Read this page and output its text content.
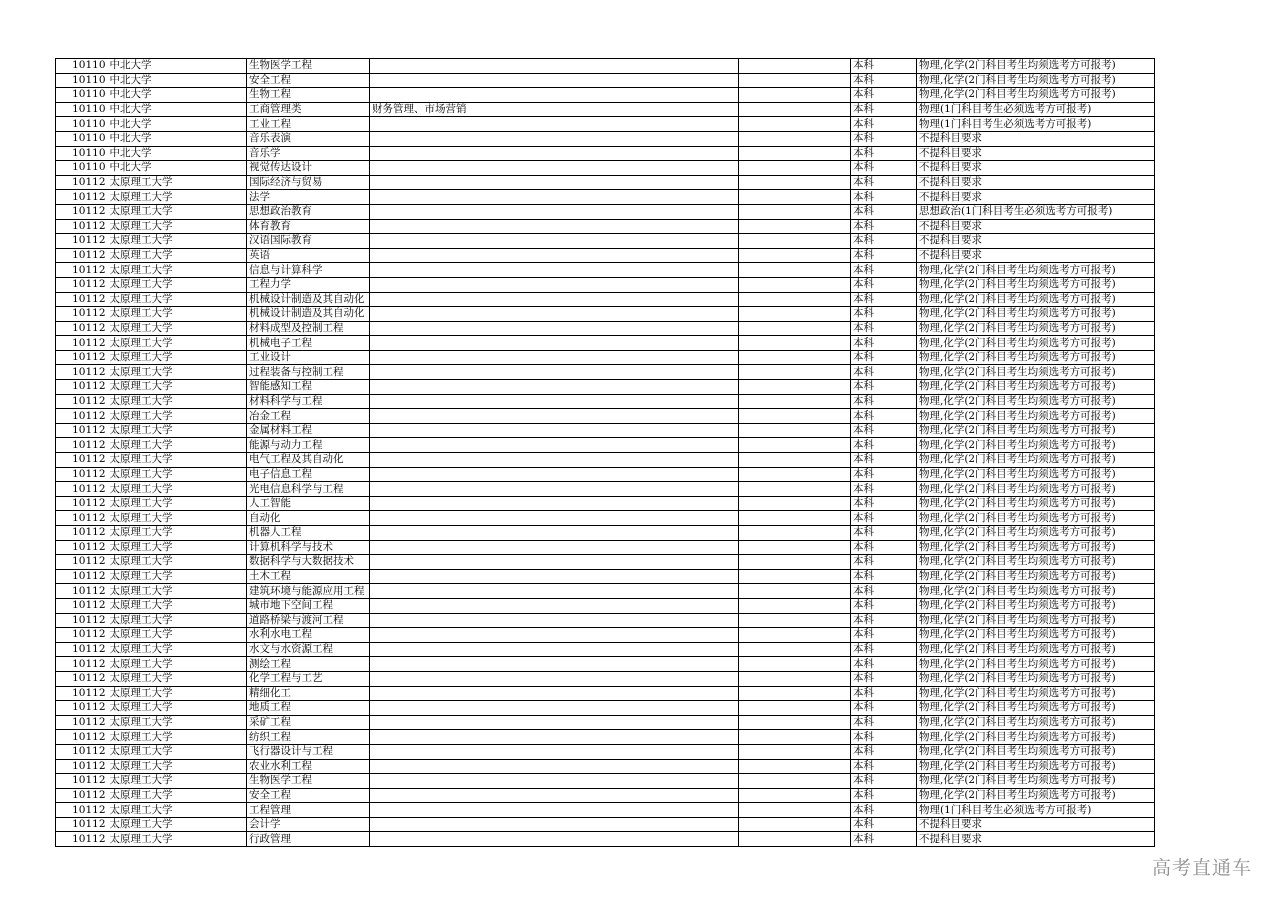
10110	中北大学	生物医学工程			本科	物理,化学(2门科目考生均须选考方可报考)
10110	中北大学	安全工程			本科	物理,化学(2门科目考生均须选考方可报考)
10110	中北大学	生物工程			本科	物理,化学(2门科目考生均须选考方可报考)
10110	中北大学	工商管理类	财务管理、市场营销		本科	物理(1门科目考生必须选考方可报考)
10110	中北大学	工业工程			本科	物理(1门科目考生必须选考方可报考)
10110	中北大学	音乐表演			本科	不提科目要求
10110	中北大学	音乐学			本科	不提科目要求
10110	中北大学	视觉传达设计			本科	不提科目要求
10112	太原理工大学	国际经济与贸易			本科	不提科目要求
10112	太原理工大学	法学			本科	不提科目要求
10112	太原理工大学	思想政治教育			本科	思想政治(1门科目考生必须选考方可报考)
10112	太原理工大学	体育教育			本科	不提科目要求
10112	太原理工大学	汉语国际教育			本科	不提科目要求
10112	太原理工大学	英语			本科	不提科目要求
10112	太原理工大学	信息与计算科学			本科	物理,化学(2门科目考生均须选考方可报考)
10112	太原理工大学	工程力学			本科	物理,化学(2门科目考生均须选考方可报考)
10112	太原理工大学	机械设计制造及其自动化			本科	物理,化学(2门科目考生均须选考方可报考)
10112	太原理工大学	机械设计制造及其自动化			本科	物理,化学(2门科目考生均须选考方可报考)
10112	太原理工大学	材料成型及控制工程			本科	物理,化学(2门科目考生均须选考方可报考)
10112	太原理工大学	机械电子工程			本科	物理,化学(2门科目考生均须选考方可报考)
10112	太原理工大学	工业设计			本科	物理,化学(2门科目考生均须选考方可报考)
10112	太原理工大学	过程装备与控制工程			本科	物理,化学(2门科目考生均须选考方可报考)
10112	太原理工大学	智能感知工程			本科	物理,化学(2门科目考生均须选考方可报考)
10112	太原理工大学	材料科学与工程			本科	物理,化学(2门科目考生均须选考方可报考)
10112	太原理工大学	冶金工程			本科	物理,化学(2门科目考生均须选考方可报考)
10112	太原理工大学	金属材料工程			本科	物理,化学(2门科目考生均须选考方可报考)
10112	太原理工大学	能源与动力工程			本科	物理,化学(2门科目考生均须选考方可报考)
10112	太原理工大学	电气工程及其自动化			本科	物理,化学(2门科目考生均须选考方可报考)
10112	太原理工大学	电子信息工程			本科	物理,化学(2门科目考生均须选考方可报考)
10112	太原理工大学	光电信息科学与工程			本科	物理,化学(2门科目考生均须选考方可报考)
10112	太原理工大学	人工智能			本科	物理,化学(2门科目考生均须选考方可报考)
10112	太原理工大学	自动化			本科	物理,化学(2门科目考生均须选考方可报考)
10112	太原理工大学	机器人工程			本科	物理,化学(2门科目考生均须选考方可报考)
10112	太原理工大学	计算机科学与技术			本科	物理,化学(2门科目考生均须选考方可报考)
10112	太原理工大学	数据科学与大数据技术			本科	物理,化学(2门科目考生均须选考方可报考)
10112	太原理工大学	土木工程			本科	物理,化学(2门科目考生均须选考方可报考)
10112	太原理工大学	建筑环境与能源应用工程			本科	物理,化学(2门科目考生均须选考方可报考)
10112	太原理工大学	城市地下空间工程			本科	物理,化学(2门科目考生均须选考方可报考)
10112	太原理工大学	道路桥梁与渡河工程			本科	物理,化学(2门科目考生均须选考方可报考)
10112	太原理工大学	水利水电工程			本科	物理,化学(2门科目考生均须选考方可报考)
10112	太原理工大学	水文与水资源工程			本科	物理,化学(2门科目考生均须选考方可报考)
10112	太原理工大学	测绘工程			本科	物理,化学(2门科目考生均须选考方可报考)
10112	太原理工大学	化学工程与工艺			本科	物理,化学(2门科目考生均须选考方可报考)
10112	太原理工大学	精细化工			本科	物理,化学(2门科目考生均须选考方可报考)
10112	太原理工大学	地质工程			本科	物理,化学(2门科目考生均须选考方可报考)
10112	太原理工大学	采矿工程			本科	物理,化学(2门科目考生均须选考方可报考)
10112	太原理工大学	纺织工程			本科	物理,化学(2门科目考生均须选考方可报考)
10112	太原理工大学	飞行器设计与工程			本科	物理,化学(2门科目考生均须选考方可报考)
10112	太原理工大学	农业水利工程			本科	物理,化学(2门科目考生均须选考方可报考)
10112	太原理工大学	生物医学工程			本科	物理,化学(2门科目考生均须选考方可报考)
10112	太原理工大学	安全工程			本科	物理,化学(2门科目考生均须选考方可报考)
10112	太原理工大学	工程管理			本科	物理(1门科目考生必须选考方可报考)
10112	太原理工大学	会计学			本科	不提科目要求
10112	太原理工大学	行政管理			本科	不提科目要求
高考直通车
